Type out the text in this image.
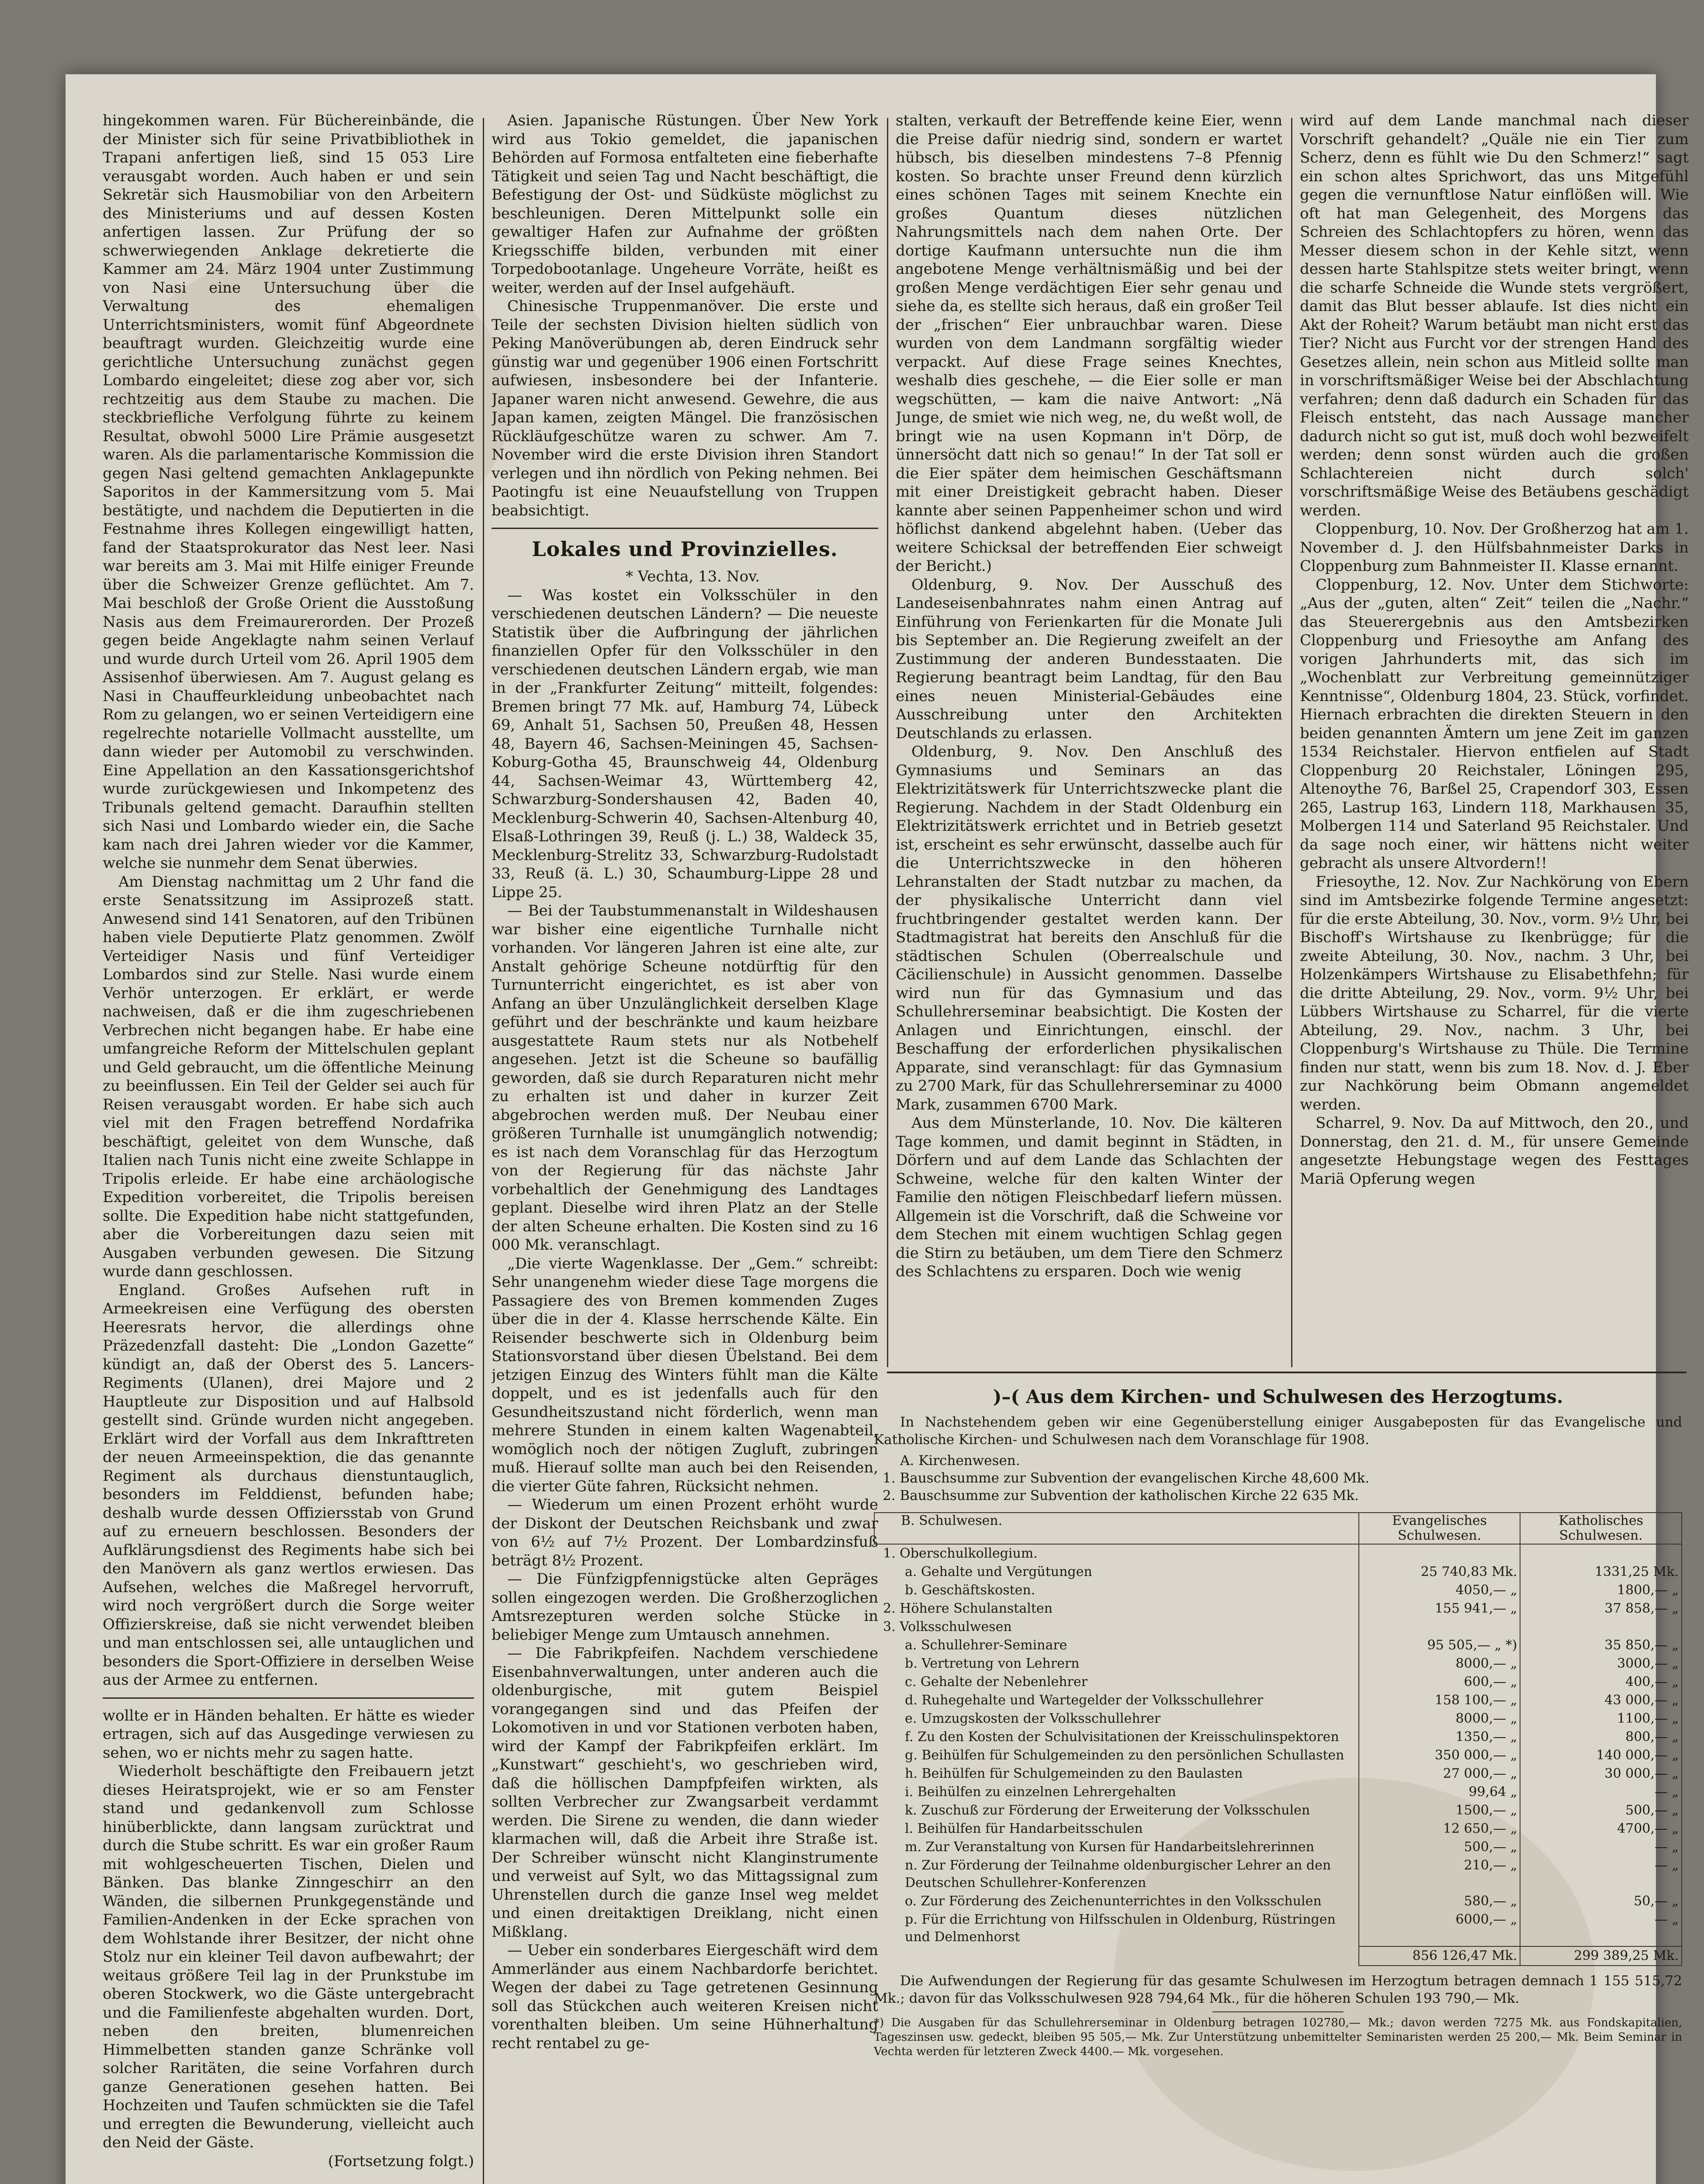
hingekommen waren. Für Büchereinbände, die der Minister sich für seine Privatbibliothek in Trapani anfertigen ließ, sind 15 053 Lire verausgabt worden. Auch haben er und sein Sekretär sich Hausmobiliar von den Arbeitern des Ministeriums und auf dessen Kosten anfertigen lassen. Zur Prüfung der so schwerwiegenden Anklage dekretierte die Kammer am 24. März 1904 unter Zustimmung von Nasi eine Untersuchung über die Verwaltung des ehemaligen Unterrichtsministers, womit fünf Abgeordnete beauftragt wurden. Gleichzeitig wurde eine gerichtliche Untersuchung zunächst gegen Lombardo eingeleitet; diese zog aber vor, sich rechtzeitig aus dem Staube zu machen. Die steckbriefliche Verfolgung führte zu keinem Resultat, obwohl 5000 Lire Prämie ausgesetzt waren. Als die parlamentarische Kommission die gegen Nasi geltend gemachten Anklagepunkte Saporitos in der Kammersitzung vom 5. Mai bestätigte, und nachdem die Deputierten in die Festnahme ihres Kollegen eingewilligt hatten, fand der Staatsprokurator das Nest leer. Nasi war bereits am 3. Mai mit Hilfe einiger Freunde über die Schweizer Grenze geflüchtet. Am 7. Mai beschloß der Große Orient die Ausstoßung Nasis aus dem Freimaurerorden. Der Prozeß gegen beide Angeklagte nahm seinen Verlauf und wurde durch Urteil vom 26. April 1905 dem Assisenhof überwiesen. Am 7. August gelang es Nasi in Chauffeurkleidung unbeobachtet nach Rom zu gelangen, wo er seinen Verteidigern eine regelrechte notarielle Vollmacht ausstellte, um dann wieder per Automobil zu verschwinden. Eine Appellation an den Kassationsgerichtshof wurde zurückgewiesen und Inkompetenz des Tribunals geltend gemacht. Daraufhin stellten sich Nasi und Lombardo wieder ein, die Sache kam nach drei Jahren wieder vor die Kammer, welche sie nunmehr dem Senat überwies.

Am Dienstag nachmittag um 2 Uhr fand die erste Senatssitzung im Assiprozeß statt. Anwesend sind 141 Senatoren, auf den Tribünen haben viele Deputierte Platz genommen. Zwölf Verteidiger Nasis und fünf Verteidiger Lombardos sind zur Stelle. Nasi wurde einem Verhör unterzogen. Er erklärt, er werde nachweisen, daß er die ihm zugeschriebenen Verbrechen nicht begangen habe. Er habe eine umfangreiche Reform der Mittelschulen geplant und Geld gebraucht, um die öffentliche Meinung zu beeinflussen. Ein Teil der Gelder sei auch für Reisen verausgabt worden. Er habe sich auch viel mit den Fragen betreffend Nordafrika beschäftigt, geleitet von dem Wunsche, daß Italien nach Tunis nicht eine zweite Schlappe in Tripolis erleide. Er habe eine archäologische Expedition vorbereitet, die Tripolis bereisen sollte. Die Expedition habe nicht stattgefunden, aber die Vorbereitungen dazu seien mit Ausgaben verbunden gewesen. Die Sitzung wurde dann geschlossen.

England. Großes Aufsehen ruft in Armeekreisen eine Verfügung des obersten Heeresrats hervor, die allerdings ohne Präzedenzfall dasteht: Die „London Gazette“ kündigt an, daß der Oberst des 5. Lancers-Regiments (Ulanen), drei Majore und 2 Hauptleute zur Disposition und auf Halbsold gestellt sind. Gründe wurden nicht angegeben. Erklärt wird der Vorfall aus dem Inkrafttreten der neuen Armeeinspektion, die das genannte Regiment als durchaus dienstuntauglich, besonders im Felddienst, befunden habe; deshalb wurde dessen Offiziersstab von Grund auf zu erneuern beschlossen. Besonders der Aufklärungsdienst des Regiments habe sich bei den Manövern als ganz wertlos erwiesen. Das Aufsehen, welches die Maßregel hervorruft, wird noch vergrößert durch die Sorge weiter Offizierskreise, daß sie nicht verwendet bleiben und man entschlossen sei, alle untauglichen und besonders die Sport-Offiziere in derselben Weise aus der Armee zu entfernen.

wollte er in Händen behalten. Er hätte es wieder ertragen, sich auf das Ausgedinge verwiesen zu sehen, wo er nichts mehr zu sagen hatte.

Wiederholt beschäftigte den Freibauern jetzt dieses Heiratsprojekt, wie er so am Fenster stand und gedankenvoll zum Schlosse hinüberblickte, dann langsam zurücktrat und durch die Stube schritt. Es war ein großer Raum mit wohlgescheuerten Tischen, Dielen und Bänken. Das blanke Zinngeschirr an den Wänden, die silbernen Prunkgegenstände und Familien-Andenken in der Ecke sprachen von dem Wohlstande ihrer Besitzer, der nicht ohne Stolz nur ein kleiner Teil davon aufbewahrt; der weitaus größere Teil lag in der Prunkstube im oberen Stockwerk, wo die Gäste untergebracht und die Familienfeste abgehalten wurden. Dort, neben den breiten, blumenreichen Himmelbetten standen ganze Schränke voll solcher Raritäten, die seine Vorfahren durch ganze Generationen gesehen hatten. Bei Hochzeiten und Taufen schmückten sie die Tafel und erregten die Bewunderung, vielleicht auch den Neid der Gäste.

(Fortsetzung folgt.)

Asien. Japanische Rüstungen. Über New York wird aus Tokio gemeldet, die japanischen Behörden auf Formosa entfalteten eine fieberhafte Tätigkeit und seien Tag und Nacht beschäftigt, die Befestigung der Ost- und Südküste möglichst zu beschleunigen. Deren Mittelpunkt solle ein gewaltiger Hafen zur Aufnahme der größten Kriegsschiffe bilden, verbunden mit einer Torpedobootanlage. Ungeheure Vorräte, heißt es weiter, werden auf der Insel aufgehäuft.

Chinesische Truppenmanöver. Die erste und Teile der sechsten Division hielten südlich von Peking Manöverübungen ab, deren Eindruck sehr günstig war und gegenüber 1906 einen Fortschritt aufwiesen, insbesondere bei der Infanterie. Japaner waren nicht anwesend. Gewehre, die aus Japan kamen, zeigten Mängel. Die französischen Rückläufgeschütze waren zu schwer. Am 7. November wird die erste Division ihren Standort verlegen und ihn nördlich von Peking nehmen. Bei Paotingfu ist eine Neuaufstellung von Truppen beabsichtigt.

Lokales und Provinzielles.

* Vechta, 13. Nov.

— Was kostet ein Volksschüler in den verschiedenen deutschen Ländern? — Die neueste Statistik über die Aufbringung der jährlichen finanziellen Opfer für den Volksschüler in den verschiedenen deutschen Ländern ergab, wie man in der „Frankfurter Zeitung“ mitteilt, folgendes: Bremen bringt 77 Mk. auf, Hamburg 74, Lübeck 69, Anhalt 51, Sachsen 50, Preußen 48, Hessen 48, Bayern 46, Sachsen-Meiningen 45, Sachsen-Koburg-Gotha 45, Braunschweig 44, Oldenburg 44, Sachsen-Weimar 43, Württemberg 42, Schwarzburg-Sondershausen 42, Baden 40, Mecklenburg-Schwerin 40, Sachsen-Altenburg 40, Elsaß-Lothringen 39, Reuß (j. L.) 38, Waldeck 35, Mecklenburg-Strelitz 33, Schwarzburg-Rudolstadt 33, Reuß (ä. L.) 30, Schaumburg-Lippe 28 und Lippe 25.

— Bei der Taubstummenanstalt in Wildeshausen war bisher eine eigentliche Turnhalle nicht vorhanden. Vor längeren Jahren ist eine alte, zur Anstalt gehörige Scheune notdürftig für den Turnunterricht eingerichtet, es ist aber von Anfang an über Unzulänglichkeit derselben Klage geführt und der beschränkte und kaum heizbare ausgestattete Raum stets nur als Notbehelf angesehen. Jetzt ist die Scheune so baufällig geworden, daß sie durch Reparaturen nicht mehr zu erhalten ist und daher in kurzer Zeit abgebrochen werden muß. Der Neubau einer größeren Turnhalle ist unumgänglich notwendig; es ist nach dem Voranschlag für das Herzogtum von der Regierung für das nächste Jahr vorbehaltlich der Genehmigung des Landtages geplant. Dieselbe wird ihren Platz an der Stelle der alten Scheune erhalten. Die Kosten sind zu 16 000 Mk. veranschlagt.

„Die vierte Wagenklasse. Der „Gem.“ schreibt: Sehr unangenehm wieder diese Tage morgens die Passagiere des von Bremen kommenden Zuges über die in der 4. Klasse herrschende Kälte. Ein Reisender beschwerte sich in Oldenburg beim Stationsvorstand über diesen Übelstand. Bei dem jetzigen Einzug des Winters fühlt man die Kälte doppelt, und es ist jedenfalls auch für den Gesundheitszustand nicht förderlich, wenn man mehrere Stunden in einem kalten Wagenabteil, womöglich noch der nötigen Zugluft, zubringen muß. Hierauf sollte man auch bei den Reisenden, die vierter Güte fahren, Rücksicht nehmen.

— Wiederum um einen Prozent erhöht wurde der Diskont der Deutschen Reichsbank und zwar von 6½ auf 7½ Prozent. Der Lombardzinsfuß beträgt 8½ Prozent.

— Die Fünfzigpfennigstücke alten Gepräges sollen eingezogen werden. Die Großherzoglichen Amtsrezepturen werden solche Stücke in beliebiger Menge zum Umtausch annehmen.

— Die Fabrikpfeifen. Nachdem verschiedene Eisenbahnverwaltungen, unter anderen auch die oldenburgische, mit gutem Beispiel vorangegangen sind und das Pfeifen der Lokomotiven in und vor Stationen verboten haben, wird der Kampf der Fabrikpfeifen erklärt. Im „Kunstwart“ geschieht's, wo geschrieben wird, daß die höllischen Dampfpfeifen wirkten, als sollten Verbrecher zur Zwangsarbeit verdammt werden. Die Sirene zu wenden, die dann wieder klarmachen will, daß die Arbeit ihre Straße ist. Der Schreiber wünscht nicht Klanginstrumente und verweist auf Sylt, wo das Mittagssignal zum Uhrenstellen durch die ganze Insel weg meldet und einen dreitaktigen Dreiklang, nicht einen Mißklang.

— Ueber ein sonderbares Eiergeschäft wird dem Ammerländer aus einem Nachbardorfe berichtet. Wegen der dabei zu Tage getretenen Gesinnung soll das Stückchen auch weiteren Kreisen nicht vorenthalten bleiben. Um seine Hühnerhaltung recht rentabel zu ge-

stalten, verkauft der Betreffende keine Eier, wenn die Preise dafür niedrig sind, sondern er wartet hübsch, bis dieselben mindestens 7–8 Pfennig kosten. So brachte unser Freund denn kürzlich eines schönen Tages mit seinem Knechte ein großes Quantum dieses nützlichen Nahrungsmittels nach dem nahen Orte. Der dortige Kaufmann untersuchte nun die ihm angebotene Menge verhältnismäßig und bei der großen Menge verdächtigen Eier sehr genau und siehe da, es stellte sich heraus, daß ein großer Teil der „frischen“ Eier unbrauchbar waren. Diese wurden von dem Landmann sorgfältig wieder verpackt. Auf diese Frage seines Knechtes, weshalb dies geschehe, — die Eier solle er man wegschütten, — kam die naive Antwort: „Nä Junge, de smiet wie nich weg, ne, du weßt woll, de bringt wie na usen Kopmann in't Dörp, de ünnersöcht datt nich so genau!“ In der Tat soll er die Eier später dem heimischen Geschäftsmann mit einer Dreistigkeit gebracht haben. Dieser kannte aber seinen Pappenheimer schon und wird höflichst dankend abgelehnt haben. (Ueber das weitere Schicksal der betreffenden Eier schweigt der Bericht.)

Oldenburg, 9. Nov. Der Ausschuß des Landeseisenbahnrates nahm einen Antrag auf Einführung von Ferienkarten für die Monate Juli bis September an. Die Regierung zweifelt an der Zustimmung der anderen Bundesstaaten. Die Regierung beantragt beim Landtag, für den Bau eines neuen Ministerial-Gebäudes eine Ausschreibung unter den Architekten Deutschlands zu erlassen.

Oldenburg, 9. Nov. Den Anschluß des Gymnasiums und Seminars an das Elektrizitätswerk für Unterrichtszwecke plant die Regierung. Nachdem in der Stadt Oldenburg ein Elektrizitätswerk errichtet und in Betrieb gesetzt ist, erscheint es sehr erwünscht, dasselbe auch für die Unterrichtszwecke in den höheren Lehranstalten der Stadt nutzbar zu machen, da der physikalische Unterricht dann viel fruchtbringender gestaltet werden kann. Der Stadtmagistrat hat bereits den Anschluß für die städtischen Schulen (Oberrealschule und Cäcilienschule) in Aussicht genommen. Dasselbe wird nun für das Gymnasium und das Schullehrerseminar beabsichtigt. Die Kosten der Anlagen und Einrichtungen, einschl. der Beschaffung der erforderlichen physikalischen Apparate, sind veranschlagt: für das Gymnasium zu 2700 Mark, für das Schullehrerseminar zu 4000 Mark, zusammen 6700 Mark.

Aus dem Münsterlande, 10. Nov. Die kälteren Tage kommen, und damit beginnt in Städten, in Dörfern und auf dem Lande das Schlachten der Schweine, welche für den kalten Winter der Familie den nötigen Fleischbedarf liefern müssen. Allgemein ist die Vorschrift, daß die Schweine vor dem Stechen mit einem wuchtigen Schlag gegen die Stirn zu betäuben, um dem Tiere den Schmerz des Schlachtens zu ersparen. Doch wie wenig

wird auf dem Lande manchmal nach dieser Vorschrift gehandelt? „Quäle nie ein Tier zum Scherz, denn es fühlt wie Du den Schmerz!“ sagt ein schon altes Sprichwort, das uns Mitgefühl gegen die vernunftlose Natur einflößen will. Wie oft hat man Gelegenheit, des Morgens das Schreien des Schlachtopfers zu hören, wenn das Messer diesem schon in der Kehle sitzt, wenn dessen harte Stahlspitze stets weiter bringt, wenn die scharfe Schneide die Wunde stets vergrößert, damit das Blut besser ablaufe. Ist dies nicht ein Akt der Roheit? Warum betäubt man nicht erst das Tier? Nicht aus Furcht vor der strengen Hand des Gesetzes allein, nein schon aus Mitleid sollte man in vorschriftsmäßiger Weise bei der Abschlachtung verfahren; denn daß dadurch ein Schaden für das Fleisch entsteht, das nach Aussage mancher dadurch nicht so gut ist, muß doch wohl bezweifelt werden; denn sonst würden auch die großen Schlachtereien nicht durch solch' vorschriftsmäßige Weise des Betäubens geschädigt werden.

Cloppenburg, 10. Nov. Der Großherzog hat am 1. November d. J. den Hülfsbahnmeister Darks in Cloppenburg zum Bahnmeister II. Klasse ernannt.

Cloppenburg, 12. Nov. Unter dem Stichworte: „Aus der „guten, alten“ Zeit“ teilen die „Nachr.“ das Steuerergebnis aus den Amtsbezirken Cloppenburg und Friesoythe am Anfang des vorigen Jahrhunderts mit, das sich im „Wochenblatt zur Verbreitung gemeinnütziger Kenntnisse“, Oldenburg 1804, 23. Stück, vorfindet. Hiernach erbrachten die direkten Steuern in den beiden genannten Ämtern um jene Zeit im ganzen 1534 Reichstaler. Hiervon entfielen auf Stadt Cloppenburg 20 Reichstaler, Löningen 295, Altenoythe 76, Barßel 25, Crapendorf 303, Essen 265, Lastrup 163, Lindern 118, Markhausen 35, Molbergen 114 und Saterland 95 Reichstaler. Und da sage noch einer, wir hättens nicht weiter gebracht als unsere Altvordern!!

Friesoythe, 12. Nov. Zur Nachkörung von Ebern sind im Amtsbezirke folgende Termine angesetzt: für die erste Abteilung, 30. Nov., vorm. 9½ Uhr, bei Bischoff's Wirtshause zu Ikenbrügge; für die zweite Abteilung, 30. Nov., nachm. 3 Uhr, bei Holzenkämpers Wirtshause zu Elisabethfehn; für die dritte Abteilung, 29. Nov., vorm. 9½ Uhr, bei Lübbers Wirtshause zu Scharrel, für die vierte Abteilung, 29. Nov., nachm. 3 Uhr, bei Cloppenburg's Wirtshause zu Thüle. Die Termine finden nur statt, wenn bis zum 18. Nov. d. J. Eber zur Nachkörung beim Obmann angemeldet werden.

Scharrel, 9. Nov. Da auf Mittwoch, den 20., und Donnerstag, den 21. d. M., für unsere Gemeinde angesetzte Hebungstage wegen des Festtages Mariä Opferung wegen

)–( Aus dem Kirchen- und Schulwesen des Herzogtums.

In Nachstehendem geben wir eine Gegenüberstellung einiger Ausgabeposten für das Evangelische und Katholische Kirchen- und Schulwesen nach dem Voranschlage für 1908.

A. Kirchenwesen.
1. Bauschsumme zur Subvention der evangelischen Kirche 48,600 Mk.
2. Bauschsumme zur Subvention der katholischen Kirche 22 635 Mk.
B. Schulwesen.	Evangelisches Schulwesen.	Katholisches Schulwesen.
1. Oberschulkollegium.		
a. Gehalte und Vergütungen	25 740,83 Mk.	1331,25 Mk.
b. Geschäftskosten.	4050,— „	1800,— „
2. Höhere Schulanstalten	155 941,— „	37 858,— „
3. Volksschulwesen		
a. Schullehrer-Seminare	95 505,— „ *)	35 850,— „
b. Vertretung von Lehrern	8000,— „	3000,— „
c. Gehalte der Nebenlehrer	600,— „	400,— „
d. Ruhegehalte und Wartegelder der Volksschullehrer	158 100,— „	43 000,— „
e. Umzugskosten der Volksschullehrer	8000,— „	1100,— „
f. Zu den Kosten der Schulvisitationen der Kreisschulinspektoren	1350,— „	800,— „
g. Beihülfen für Schulgemeinden zu den persönlichen Schullasten	350 000,— „	140 000,— „
h. Beihülfen für Schulgemeinden zu den Baulasten	27 000,— „	30 000,— „
i. Beihülfen zu einzelnen Lehrergehalten	99,64 „	— „
k. Zuschuß zur Förderung der Erweiterung der Volksschulen	1500,— „	500,— „
l. Beihülfen für Handarbeitsschulen	12 650,— „	4700,— „
m. Zur Veranstaltung von Kursen für Handarbeitslehrerinnen	500,— „	— „
n. Zur Förderung der Teilnahme oldenburgischer Lehrer an den Deutschen Schullehrer-Konferenzen	210,— „	— „
o. Zur Förderung des Zeichenunterrichtes in den Volksschulen	580,— „	50,— „
p. Für die Errichtung von Hilfsschulen in Oldenburg, Rüstringen und Delmenhorst	6000,— „	— „
	856 126,47 Mk.	299 389,25 Mk.

Die Aufwendungen der Regierung für das gesamte Schulwesen im Herzogtum betragen demnach 1 155 515,72 Mk.; davon für das Volksschulwesen 928 794,64 Mk., für die höheren Schulen 193 790,— Mk.

*) Die Ausgaben für das Schullehrerseminar in Oldenburg betragen 102780,— Mk.; davon werden 7275 Mk. aus Fondskapitalien, Tageszinsen usw. gedeckt, bleiben 95 505,— Mk. Zur Unterstützung unbemittelter Seminaristen werden 25 200,— Mk. Beim Seminar in Vechta werden für letzteren Zweck 4400.— Mk. vorgesehen.
